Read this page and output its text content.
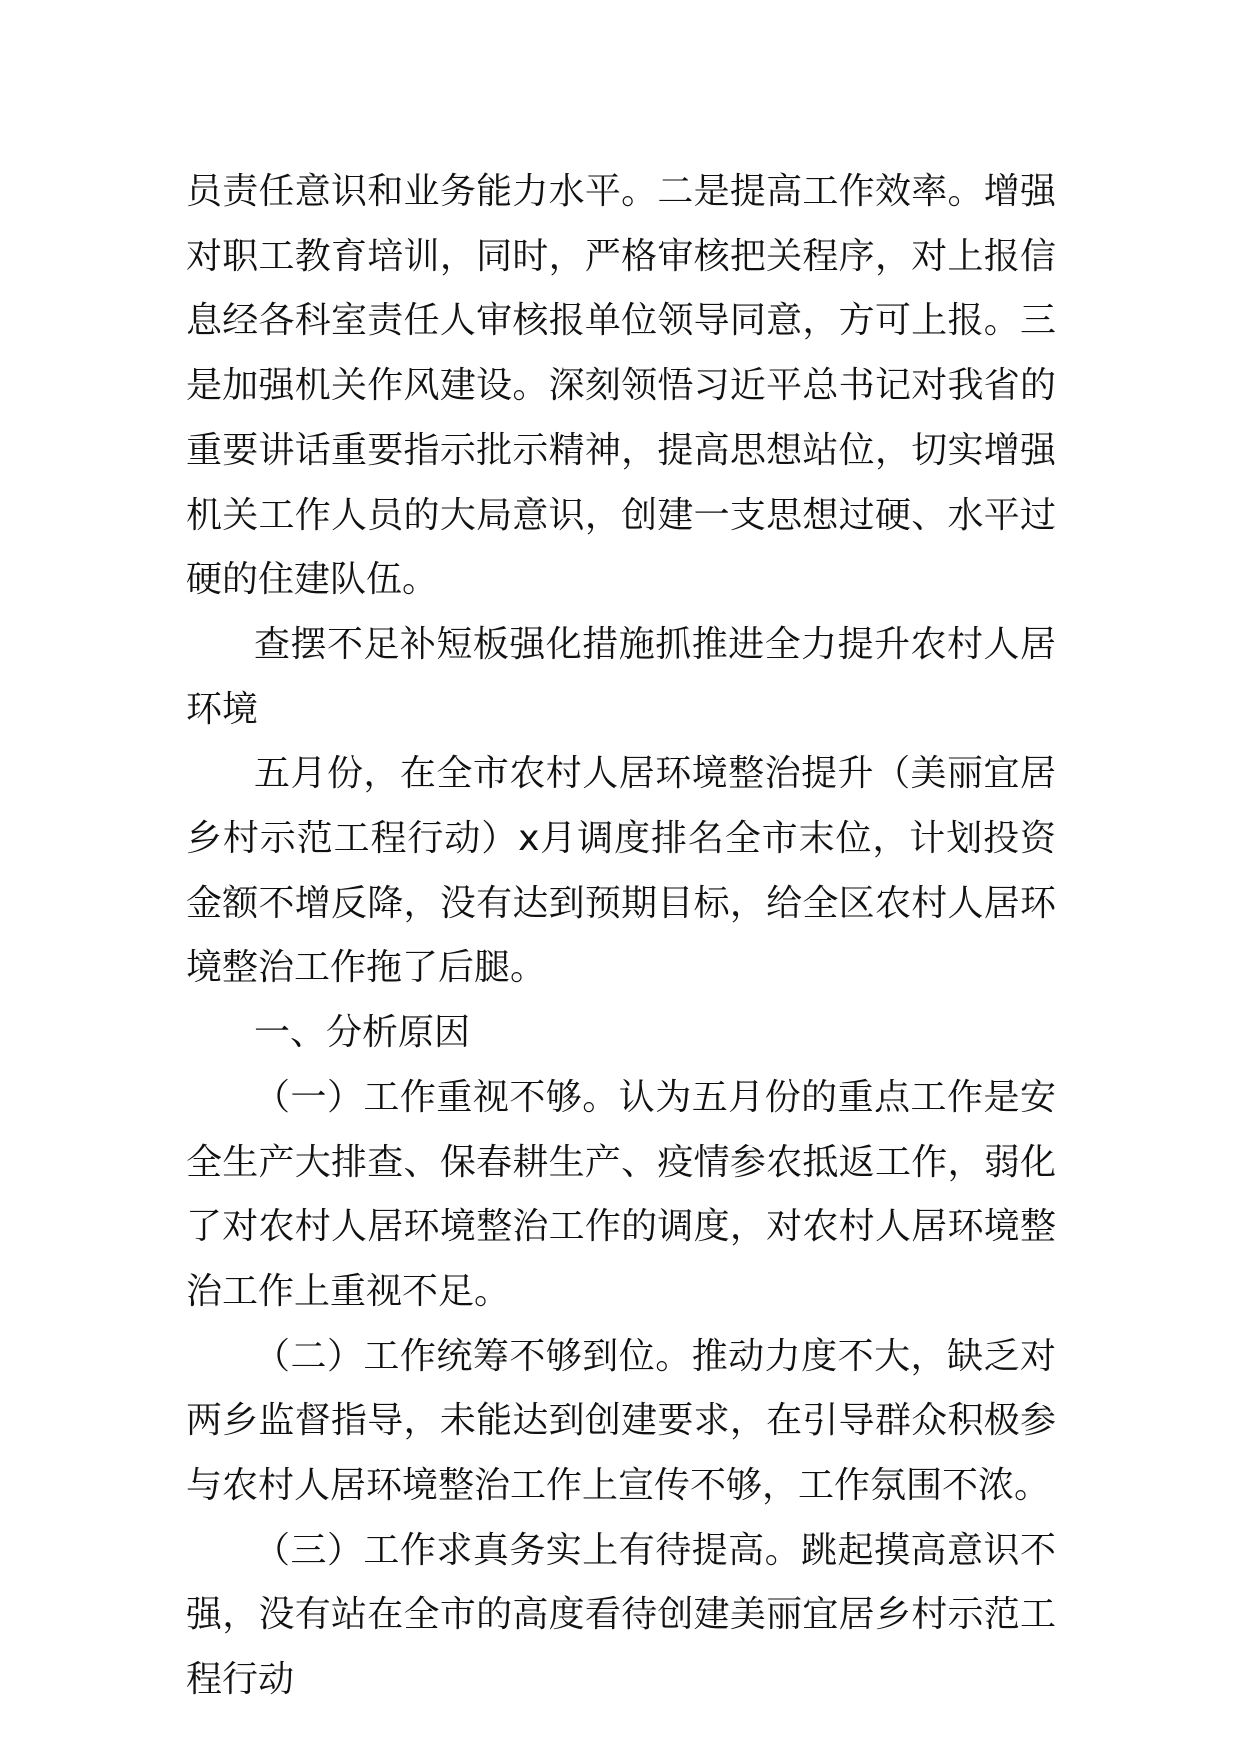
员责任意识和业务能力水平。二是提高工作效率。增强对职工教育培训，同时，严格审核把关程序，对上报信息经各科室责任人审核报单位领导同意，方可上报。三是加强机关作风建设。深刻领悟习近平总书记对我省的重要讲话重要指示批示精神，提高思想站位，切实增强机关工作人员的大局意识，创建一支思想过硬、水平过硬的住建队伍。

查摆不足补短板强化措施抓推进全力提升农村人居环境

五月份，在全市农村人居环境整治提升（美丽宜居乡村示范工程行动）x月调度排名全市末位，计划投资金额不增反降，没有达到预期目标，给全区农村人居环境整治工作拖了后腿。

一、分析原因

（一）工作重视不够。认为五月份的重点工作是安全生产大排查、保春耕生产、疫情参农抵返工作，弱化了对农村人居环境整治工作的调度，对农村人居环境整治工作上重视不足。

（二）工作统筹不够到位。推动力度不大，缺乏对两乡监督指导，未能达到创建要求，在引导群众积极参与农村人居环境整治工作上宣传不够，工作氛围不浓。

（三）工作求真务实上有待提高。跳起摸高意识不强，没有站在全市的高度看待创建美丽宜居乡村示范工程行动
